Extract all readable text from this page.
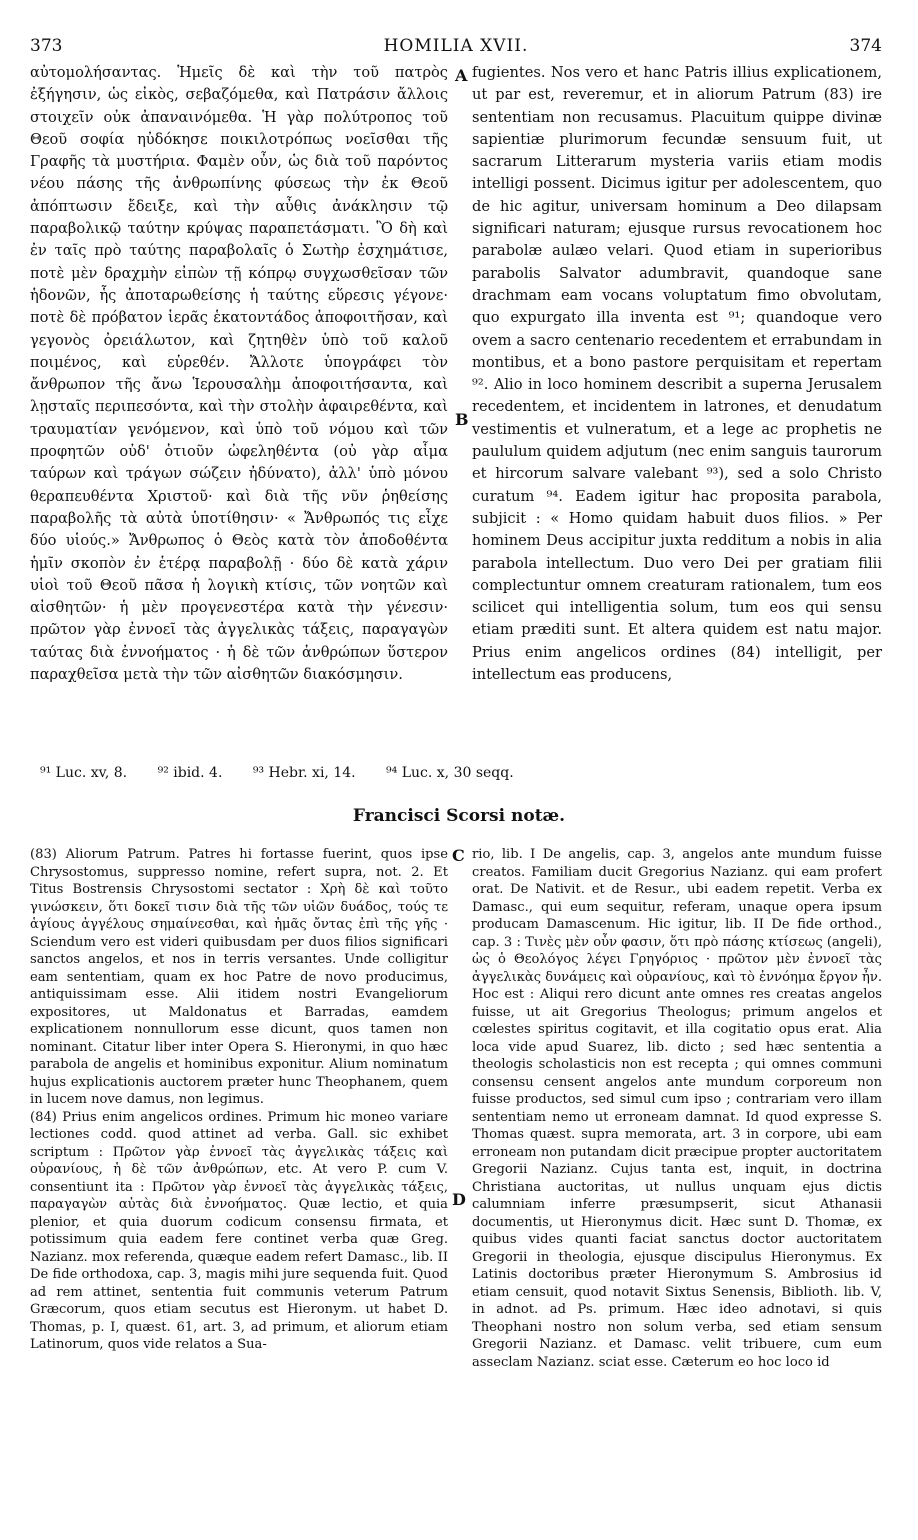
373	HOMILIA XVII.	374
αὐτομολήσαντας. Ἡμεῖς δὲ καὶ τὴν τοῦ πατρὸς ἐξήγησιν, ὡς εἰκὸς, σεβαζόμεθα, καὶ Πατράσιν ἄλλοις στοιχεῖν οὐκ ἀπαναινόμεθα. Ἡ γὰρ πολύτροπος τοῦ Θεοῦ σοφία ηὐδόκησε ποικιλοτρόπως νοεῖσθαι τῆς Γραφῆς τὰ μυστήρια. Φαμὲν οὖν, ὡς διὰ τοῦ παρόντος νέου πάσης τῆς ἀνθρωπίνης φύσεως τὴν ἐκ Θεοῦ ἀπόπτωσιν ἔδειξε, καὶ τὴν αὖθις ἀνάκλησιν τῷ παραβολικῷ ταύτην κρύψας παραπετάσματι. Ὃ δὴ καὶ ἐν ταῖς πρὸ ταύτης παραβολαῖς ὁ Σωτὴρ ἐσχημάτισε, ποτὲ μὲν δραχμὴν εἰπὼν τῇ κόπρῳ συγχωσθεῖσαν τῶν ἡδονῶν, ἧς ἀποταρωθείσης ἡ ταύτης εὕρεσις γέγονε· ποτὲ δὲ πρόβατον ἱερᾶς ἑκατοντάδος ἀποφοιτῆσαν, καὶ γεγονὸς ὀρειάλωτον, καὶ ζητηθὲν ὑπὸ τοῦ καλοῦ ποιμένος, καὶ εὑρεθέν. Ἄλλοτε ὑπογράφει τὸν ἄνθρωπον τῆς ἄνω Ἱερουσαλὴμ ἀποφοιτήσαντα, καὶ λῃσταῖς περιπεσόντα, καὶ τὴν στολὴν ἀφαιρεθέντα, καὶ τραυματίαν γενόμενον, καὶ ὑπὸ τοῦ νόμου καὶ τῶν προφητῶν οὐδ' ὁτιοῦν ὠφεληθέντα (οὐ γὰρ αἷμα ταύρων καὶ τράγων σώζειν ἠδύνατο), ἀλλ' ὑπὸ μόνου θεραπευθέντα Χριστοῦ· καὶ διὰ τῆς νῦν ῥηθείσης παραβολῆς τὰ αὐτὰ ὑποτίθησιν· « Ἄνθρωπός τις εἶχε δύο υἱούς.» Ἄνθρωπος ὁ Θεὸς κατὰ τὸν ἀποδοθέντα ἡμῖν σκοπὸν ἐν ἑτέρᾳ παραβολῇ · δύο δὲ κατὰ χάριν υἱοὶ τοῦ Θεοῦ πᾶσα ἡ λογικὴ κτίσις, τῶν νοητῶν καὶ αἰσθητῶν· ἡ μὲν προγενεστέρα κατὰ τὴν γένεσιν· πρῶτον γὰρ ἐννοεῖ τὰς ἀγγελικὰς τάξεις, παραγαγὼν ταύτας διὰ ἐννοήματος · ἡ δὲ τῶν ἀνθρώπων ὕστερον παραχθεῖσα μετὰ τὴν τῶν αἰσθητῶν διακόσμησιν.
fugientes. Nos vero et hanc Patris illius explicationem, ut par est, reveremur, et in aliorum Patrum (83) ire sententiam non recusamus. Placuitum quippe divinæ sapientiæ plurimorum fecundæ sensuum fuit, ut sacrarum Litterarum mysteria variis etiam modis intelligi possent. Dicimus igitur per adolescentem, quo de hic agitur, universam hominum a Deo dilapsam significari naturam; ejusque rursus revocationem hoc parabolæ aulæo velari. Quod etiam in superioribus parabolis Salvator adumbravit, quandoque sane drachmam eam vocans voluptatum fimo obvolutam, quo expurgato illa inventa est ⁹¹; quandoque vero ovem a sacro centenario recedentem et errabundam in montibus, et a bono pastore perquisitam et repertam ⁹². Alio in loco hominem describit a superna Jerusalem recedentem, et incidentem in latrones, et denudatum vestimentis et vulneratum, et a lege ac prophetis ne paululum quidem adjutum (nec enim sanguis taurorum et hircorum salvare valebant ⁹³), sed a solo Christo curatum ⁹⁴. Eadem igitur hac proposita parabola, subjicit : « Homo quidam habuit duos filios. » Per hominem Deus accipitur juxta redditum a nobis in alia parabola intellectum. Duo vero Dei per gratiam filii complectuntur omnem creaturam rationalem, tum eos scilicet qui intelligentia solum, tum eos qui sensu etiam præditi sunt. Et altera quidem est natu major. Prius enim angelicos ordines (84) intelligit, per intellectum eas producens,
A
B
⁹¹ Luc. xv, 8. ⁹² ibid. 4. ⁹³ Hebr. xi, 14. ⁹⁴ Luc. x, 30 seqq.
Francisci Scorsi notæ.
(83) Aliorum Patrum. Patres hi fortasse fuerint, quos ipse Chrysostomus, suppresso nomine, refert supra, not. 2. Et Titus Bostrensis Chrysostomi sectator : Χρὴ δὲ καὶ τοῦτο γινώσκειν, ὅτι δοκεῖ τισιν διὰ τῆς τῶν υἱῶν δυάδος, τούς τε ἁγίους ἀγγέλους σημαίνεσθαι, καὶ ἡμᾶς ὄντας ἐπὶ τῆς γῆς · Sciendum vero est videri quibusdam per duos filios significari sanctos angelos, et nos in terris versantes. Unde colligitur eam sententiam, quam ex hoc Patre de novo producimus, antiquissimam esse. Alii itidem nostri Evangeliorum expositores, ut Maldonatus et Barradas, eamdem explicationem nonnullorum esse dicunt, quos tamen non nominant. Citatur liber inter Opera S. Hieronymi, in quo hæc parabola de angelis et hominibus exponitur. Alium nominatum hujus explicationis auctorem præter hunc Theophanem, quem in lucem nove damus, non legimus.
(84) Prius enim angelicos ordines. Primum hic moneo variare lectiones codd. quod attinet ad verba. Gall. sic exhibet scriptum : Πρῶτον γὰρ ἐννοεῖ τὰς ἀγγελικὰς τάξεις καὶ οὐρανίους, ἡ δὲ τῶν ἀνθρώπων, etc. At vero P. cum V. consentiunt ita : Πρῶτον γὰρ ἐννοεῖ τὰς ἀγγελικὰς τάξεις, παραγαγὼν αὐτὰς διὰ ἐννοήματος. Quæ lectio, et quia plenior, et quia duorum codicum consensu firmata, et potissimum quia eadem fere continet verba quæ Greg. Nazianz. mox referenda, quæque eadem refert Damasc., lib. II De fide orthodoxa, cap. 3, magis mihi jure sequenda fuit. Quod ad rem attinet, sententia fuit communis veterum Patrum Græcorum, quos etiam secutus est Hieronym. ut habet D. Thomas, p. I, quæst. 61, art. 3, ad primum, et aliorum etiam Latinorum, quos vide relatos a Sua-
rio, lib. I De angelis, cap. 3, angelos ante mundum fuisse creatos. Familiam ducit Gregorius Nazianz. qui eam profert orat. De Nativit. et de Resur., ubi eadem repetit. Verba ex Damasc., qui eum sequitur, referam, unaque opera ipsum producam Damascenum. Hic igitur, lib. II De fide orthod., cap. 3 : Τινὲς μὲν οὖν φασιν, ὅτι πρὸ πάσης κτίσεως (angeli), ὡς ὁ Θεολόγος λέγει Γρηγόριος · πρῶτον μὲν ἐννοεῖ τὰς ἀγγελικὰς δυνάμεις καὶ οὐρανίους, καὶ τὸ ἐννόημα ἔργον ἦν. Hoc est : Aliqui rero dicunt ante omnes res creatas angelos fuisse, ut ait Gregorius Theologus; primum angelos et cœlestes spiritus cogitavit, et illa cogitatio opus erat. Alia loca vide apud Suarez, lib. dicto ; sed hæc sententia a theologis scholasticis non est recepta ; qui omnes communi consensu censent angelos ante mundum corporeum non fuisse productos, sed simul cum ipso ; contrariam vero illam sententiam nemo ut erroneam damnat. Id quod expresse S. Thomas quæst. supra memorata, art. 3 in corpore, ubi eam erroneam non putandam dicit præcipue propter auctoritatem Gregorii Nazianz. Cujus tanta est, inquit, in doctrina Christiana auctoritas, ut nullus unquam ejus dictis calumniam inferre præsumpserit, sicut Athanasii documentis, ut Hieronymus dicit. Hæc sunt D. Thomæ, ex quibus vides quanti faciat sanctus doctor auctoritatem Gregorii in theologia, ejusque discipulus Hieronymus. Ex Latinis doctoribus præter Hieronymum S. Ambrosius id etiam censuit, quod notavit Sixtus Senensis, Biblioth. lib. V, in adnot. ad Ps. primum. Hæc ideo adnotavi, si quis Theophani nostro non solum verba, sed etiam sensum Gregorii Nazianz. et Damasc. velit tribuere, cum eum asseclam Nazianz. sciat esse. Cæterum eo hoc loco id
C
D
